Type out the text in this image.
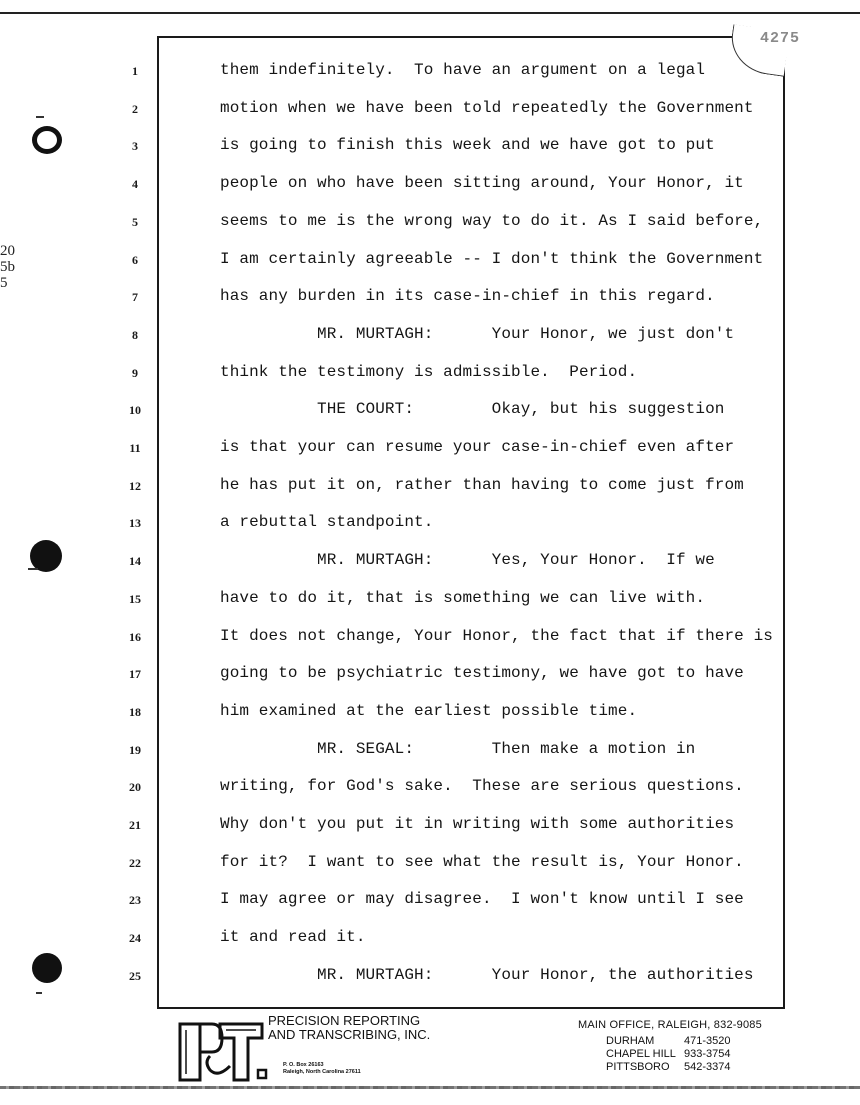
4275
20
5b
5
1	them indefinitely.  To have an argument on a legal
2	motion when we have been told repeatedly the Government
3	is going to finish this week and we have got to put
4	people on who have been sitting around, Your Honor, it
5	seems to me is the wrong way to do it. As I said before,
6	I am certainly agreeable -- I don't think the Government
7	has any burden in its case-in-chief in this regard.
8	MR. MURTAGH:      Your Honor, we just don't
9	think the testimony is admissible.  Period.
10	THE COURT:        Okay, but his suggestion
11	is that your can resume your case-in-chief even after
12	he has put it on, rather than having to come just from
13	a rebuttal standpoint.
14	MR. MURTAGH:      Yes, Your Honor.  If we
15	have to do it, that is something we can live with.
16	It does not change, Your Honor, the fact that if there is
17	going to be psychiatric testimony, we have got to have
18	him examined at the earliest possible time.
19	MR. SEGAL:        Then make a motion in
20	writing, for God's sake.  These are serious questions.
21	Why don't you put it in writing with some authorities
22	for it?  I want to see what the result is, Your Honor.
23	I may agree or may disagree.  I won't know until I see
24	it and read it.
25	MR. MURTAGH:      Your Honor, the authorities
PRECISION REPORTING
AND TRANSCRIBING, INC.
P. O. Box 26163
Raleigh, North Carolina 27611
MAIN OFFICE, RALEIGH, 832-9085
DURHAM	471-3520
CHAPEL HILL 933-3754
PITTSBORO	542-3374
